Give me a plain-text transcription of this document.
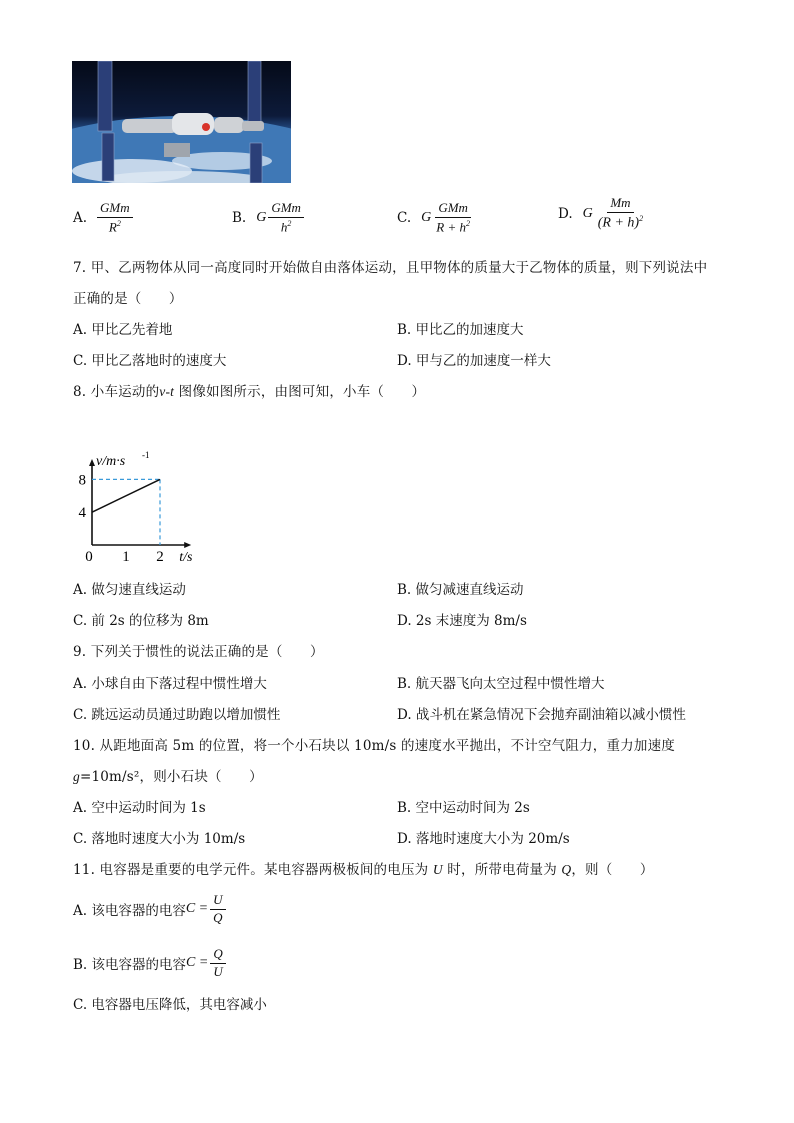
A. $\frac{\text{GMm}}{R^2}$	B. G $\frac{\text{GMm}}{h^2}$	C. G $\frac{\text{GMm}}{R + h^2}$	D. G $\frac{Mm}{(R + h)^2}$
7. 甲、乙两物体从同一高度同时开始做自由落体运动，且甲物体的质量大于乙物体的质量，则下列说法中
正确的是（　　）
A. 甲比乙先着地	B. 甲比乙的加速度大
C. 甲比乙落地时的速度大	D. 甲与乙的加速度一样大
8. 小车运动的v-t 图像如图所示，由图可知，小车（　　）
0 1 2
4
8
v/m·s -1
t/s
A. 做匀速直线运动	B. 做匀减速直线运动
C. 前 2s 的位移为 8m	D. 2s 末速度为 8m/s
9. 下列关于惯性的说法正确的是（　　）
A. 小球自由下落过程中惯性增大	B. 航天器飞向太空过程中惯性增大
C. 跳远运动员通过助跑以增加惯性	D. 战斗机在紧急情况下会抛弃副油箱以减小惯性
10. 从距地面高 5m 的位置，将一个小石块以 10m/s 的速度水平抛出，不计空气阻力，重力加速度
g=10m/s²，则小石块（　　）
A. 空中运动时间为 1s	B. 空中运动时间为 2s
C. 落地时速度大小为 10m/s	D. 落地时速度大小为 20m/s
11. 电容器是重要的电学元件。某电容器两极板间的电压为 U 时，所带电荷量为 Q，则（　　）
A. 该电容器的电容 $C = \frac{U}{Q}$
B. 该电容器的电容 $C = \frac{Q}{U}$
C. 电容器电压降低，其电容减小
